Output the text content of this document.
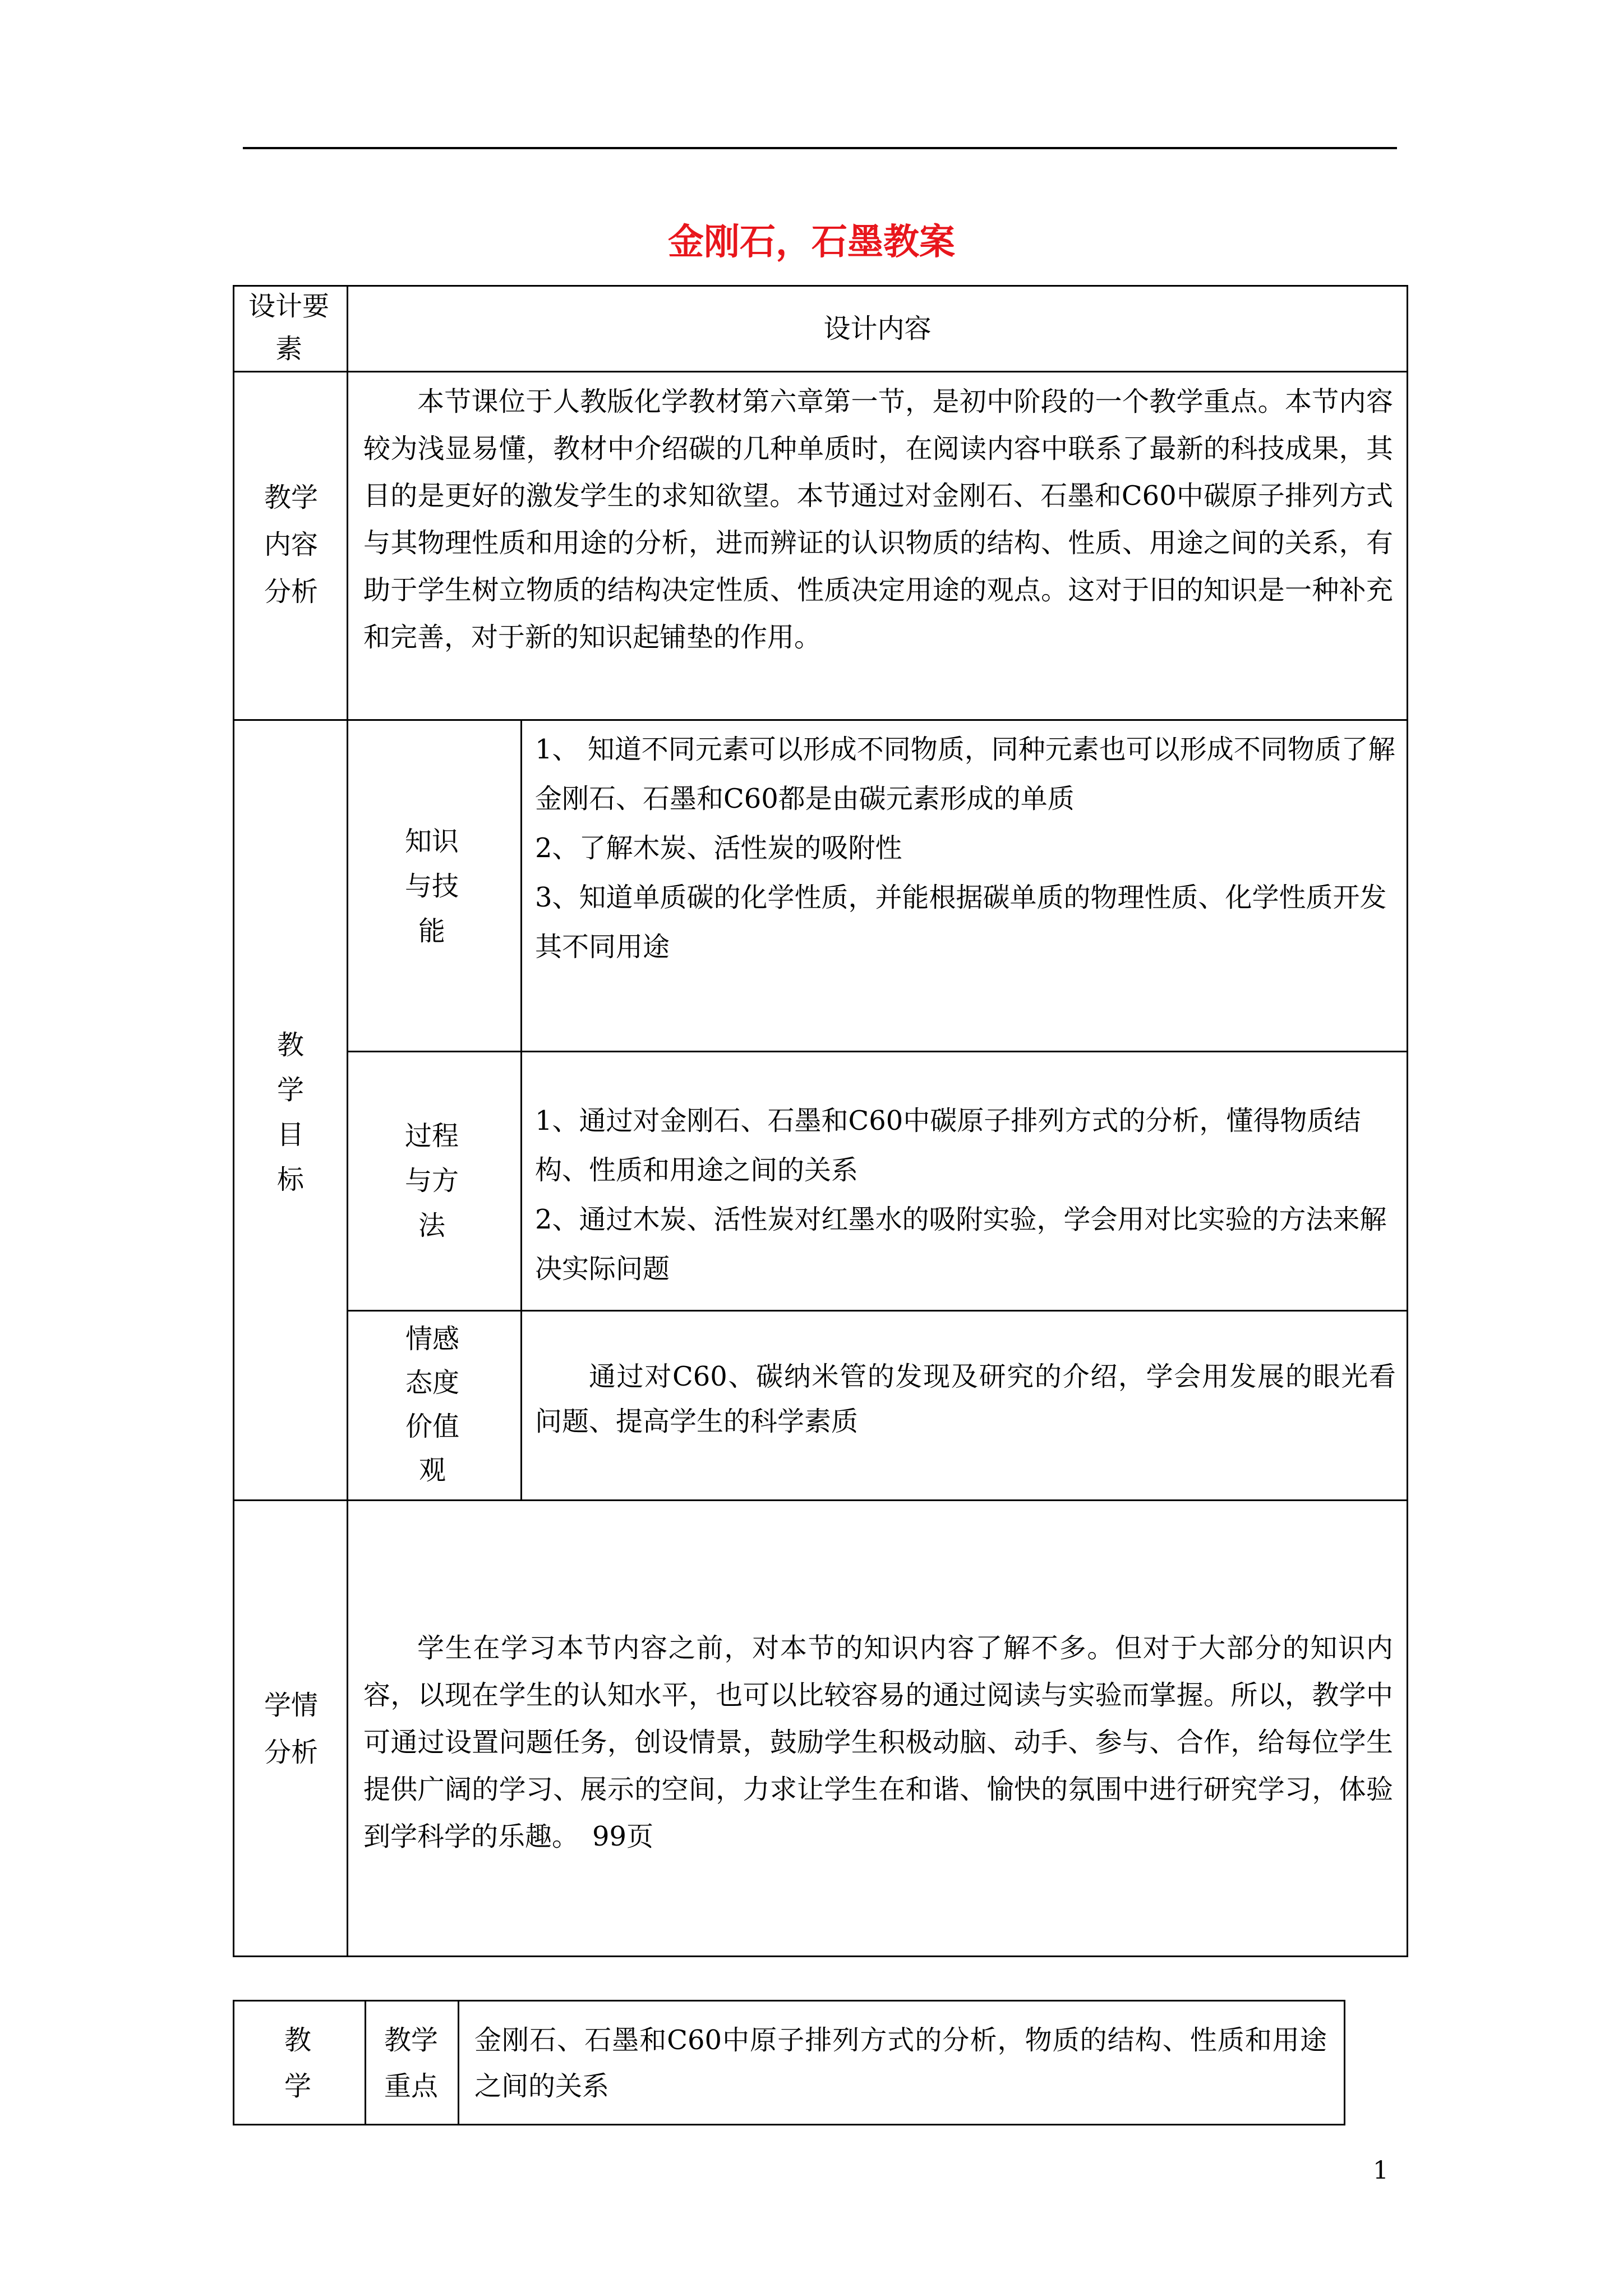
金刚石，石墨教案
设计要素
设计内容
教学内容分析
本节课位于人教版化学教材第六章第一节，是初中阶段的一个教学重点。本节内容较为浅显易懂，教材中介绍碳的几种单质时，在阅读内容中联系了最新的科技成果，其目的是更好的激发学生的求知欲望。本节通过对金刚石、石墨和C60中碳原子排列方式与其物理性质和用途的分析，进而辨证的认识物质的结构、性质、用途之间的关系，有助于学生树立物质的结构决定性质、性质决定用途的观点。这对于旧的知识是一种补充和完善，对于新的知识起铺垫的作用。
教学目标
知识与技能
1、 知道不同元素可以形成不同物质，同种元素也可以形成不同物质了解金刚石、石墨和C60都是由碳元素形成的单质
2、了解木炭、活性炭的吸附性
3、知道单质碳的化学性质，并能根据碳单质的物理性质、化学性质开发其不同用途
过程与方法
1、通过对金刚石、石墨和C60中碳原子排列方式的分析，懂得物质结构、性质和用途之间的关系
2、通过木炭、活性炭对红墨水的吸附实验，学会用对比实验的方法来解决实际问题
情感态度价值观
通过对C60、碳纳米管的发现及研究的介绍，学会用发展的眼光看问题、提高学生的科学素质
学情分析
学生在学习本节内容之前，对本节的知识内容了解不多。但对于大部分的知识内容，以现在学生的认知水平，也可以比较容易的通过阅读与实验而掌握。所以，教学中可通过设置问题任务，创设情景，鼓励学生积极动脑、动手、参与、合作，给每位学生提供广阔的学习、展示的空间，力求让学生在和谐、愉快的氛围中进行研究学习，体验到学科学的乐趣。　99页
教学
教学重点
金刚石、石墨和C60中原子排列方式的分析，物质的结构、性质和用途之间的关系
1
